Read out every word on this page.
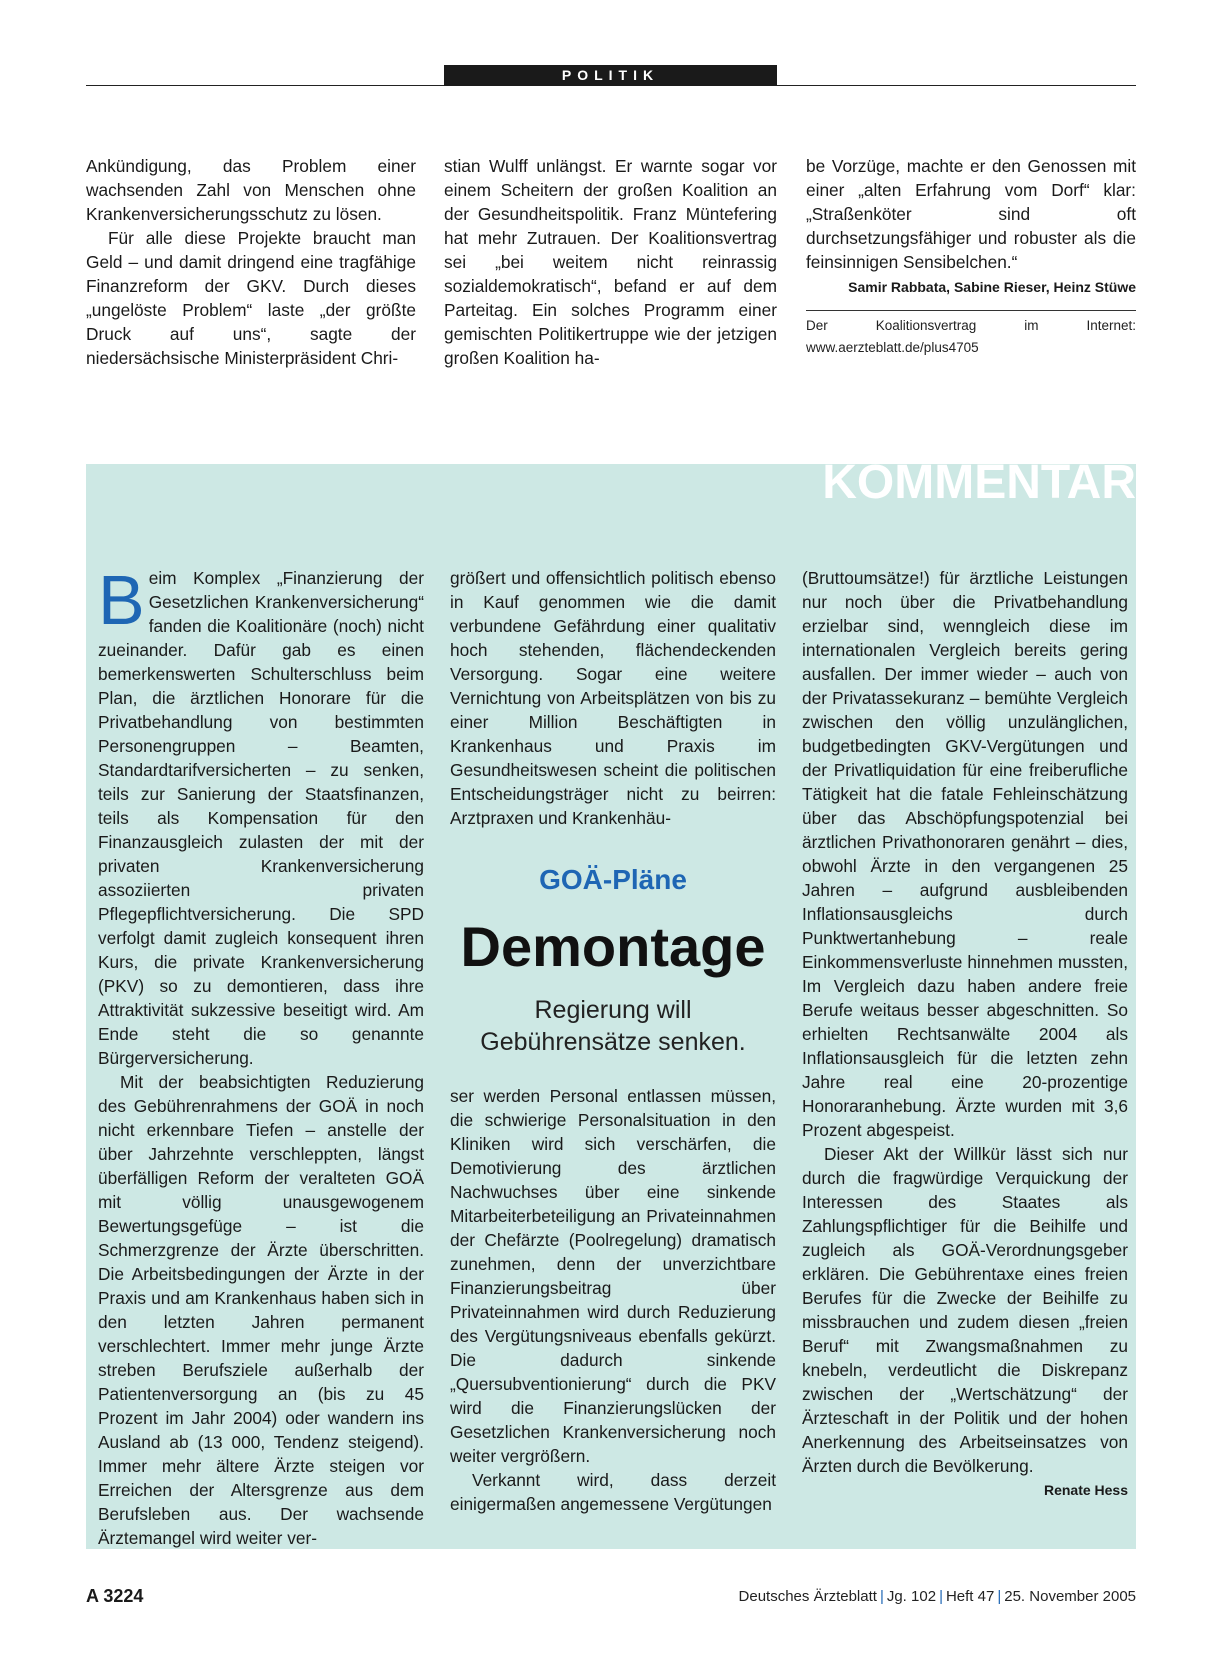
POLITIK

Ankündigung, das Problem einer wachsenden Zahl von Menschen ohne Krankenversicherungsschutz zu lösen.

Für alle diese Projekte braucht man Geld – und damit dringend eine tragfähige Finanzreform der GKV. Durch dieses „ungelöste Problem“ laste „der größte Druck auf uns“, sagte der niedersächsische Ministerpräsident Chri-

stian Wulff unlängst. Er warnte sogar vor einem Scheitern der großen Koalition an der Gesundheitspolitik. Franz Müntefering hat mehr Zutrauen. Der Koalitionsvertrag sei „bei weitem nicht reinrassig sozialdemokratisch“, befand er auf dem Parteitag. Ein solches Programm einer gemischten Politikertruppe wie der jetzigen großen Koalition ha-

be Vorzüge, machte er den Genossen mit einer „alten Erfahrung vom Dorf“ klar: „Straßenköter sind oft durchsetzungsfähiger und robuster als die feinsinnigen Sensibelchen.“

Samir Rabbata, Sabine Rieser, Heinz Stüwe
Der Koalitionsvertrag im Internet: www.aerzteblatt.de/plus4705
KOMMENTAR

Beim Komplex „Finanzierung der Gesetzlichen Krankenversicherung“ fanden die Koalitionäre (noch) nicht zueinander. Dafür gab es einen bemerkenswerten Schulterschluss beim Plan, die ärztlichen Honorare für die Privatbehandlung von bestimmten Personengruppen – Beamten, Standardtarifversicherten – zu senken, teils zur Sanierung der Staatsfinanzen, teils als Kompensation für den Finanzausgleich zulasten der mit der privaten Krankenversicherung assoziierten privaten Pflegepflichtversicherung. Die SPD verfolgt damit zugleich konsequent ihren Kurs, die private Krankenversicherung (PKV) so zu demontieren, dass ihre Attraktivität sukzessive beseitigt wird. Am Ende steht die so genannte Bürgerversicherung.

Mit der beabsichtigten Reduzierung des Gebührenrahmens der GOÄ in noch nicht erkennbare Tiefen – anstelle der über Jahrzehnte verschleppten, längst überfälligen Reform der veralteten GOÄ mit völlig unausgewogenem Bewertungsgefüge – ist die Schmerzgrenze der Ärzte überschritten. Die Arbeitsbedingungen der Ärzte in der Praxis und am Krankenhaus haben sich in den letzten Jahren permanent verschlechtert. Immer mehr junge Ärzte streben Berufsziele außerhalb der Patientenversorgung an (bis zu 45 Prozent im Jahr 2004) oder wandern ins Ausland ab (13 000, Tendenz steigend). Immer mehr ältere Ärzte steigen vor Erreichen der Altersgrenze aus dem Berufsleben aus. Der wachsende Ärztemangel wird weiter ver-

größert und offensichtlich politisch ebenso in Kauf genommen wie die damit verbundene Gefährdung einer qualitativ hoch stehenden, flächendeckenden Versorgung. Sogar eine weitere Vernichtung von Arbeitsplätzen von bis zu einer Million Beschäftigten in Krankenhaus und Praxis im Gesundheitswesen scheint die politischen Entscheidungsträger nicht zu beirren: Arztpraxen und Krankenhäu-

GOÄ-Pläne
Demontage
Regierung will
Gebührensätze senken.

ser werden Personal entlassen müssen, die schwierige Personalsituation in den Kliniken wird sich verschärfen, die Demotivierung des ärztlichen Nachwuchses über eine sinkende Mitarbeiterbeteiligung an Privateinnahmen der Chefärzte (Poolregelung) dramatisch zunehmen, denn der unverzichtbare Finanzierungsbeitrag über Privateinnahmen wird durch Reduzierung des Vergütungsniveaus ebenfalls gekürzt. Die dadurch sinkende „Quersubventionierung“ durch die PKV wird die Finanzierungslücken der Gesetzlichen Krankenversicherung noch weiter vergrößern.

Verkannt wird, dass derzeit einigermaßen angemessene Vergütungen

(Bruttoumsätze!) für ärztliche Leistungen nur noch über die Privatbehandlung erzielbar sind, wenngleich diese im internationalen Vergleich bereits gering ausfallen. Der immer wieder – auch von der Privatassekuranz – bemühte Vergleich zwischen den völlig unzulänglichen, budgetbedingten GKV-Vergütungen und der Privatliquidation für eine freiberufliche Tätigkeit hat die fatale Fehleinschätzung über das Abschöpfungspotenzial bei ärztlichen Privathonoraren genährt – dies, obwohl Ärzte in den vergangenen 25 Jahren – aufgrund ausbleibenden Inflationsausgleichs durch Punktwertanhebung – reale Einkommensverluste hinnehmen mussten, Im Vergleich dazu haben andere freie Berufe weitaus besser abgeschnitten. So erhielten Rechtsanwälte 2004 als Inflationsausgleich für die letzten zehn Jahre real eine 20-prozentige Honoraranhebung. Ärzte wurden mit 3,6 Prozent abgespeist.

Dieser Akt der Willkür lässt sich nur durch die fragwürdige Verquickung der Interessen des Staates als Zahlungspflichtiger für die Beihilfe und zugleich als GOÄ-Verordnungsgeber erklären. Die Gebührentaxe eines freien Berufes für die Zwecke der Beihilfe zu missbrauchen und zudem diesen „freien Beruf“ mit Zwangsmaßnahmen zu knebeln, verdeutlicht die Diskrepanz zwischen der „Wertschätzung“ der Ärzteschaft in der Politik und der hohen Anerkennung des Arbeitseinsatzes von Ärzten durch die Bevölkerung.
Renate Hess

A 3224	Deutsches Ärzteblatt | Jg. 102 | Heft 47 | 25. November 2005
